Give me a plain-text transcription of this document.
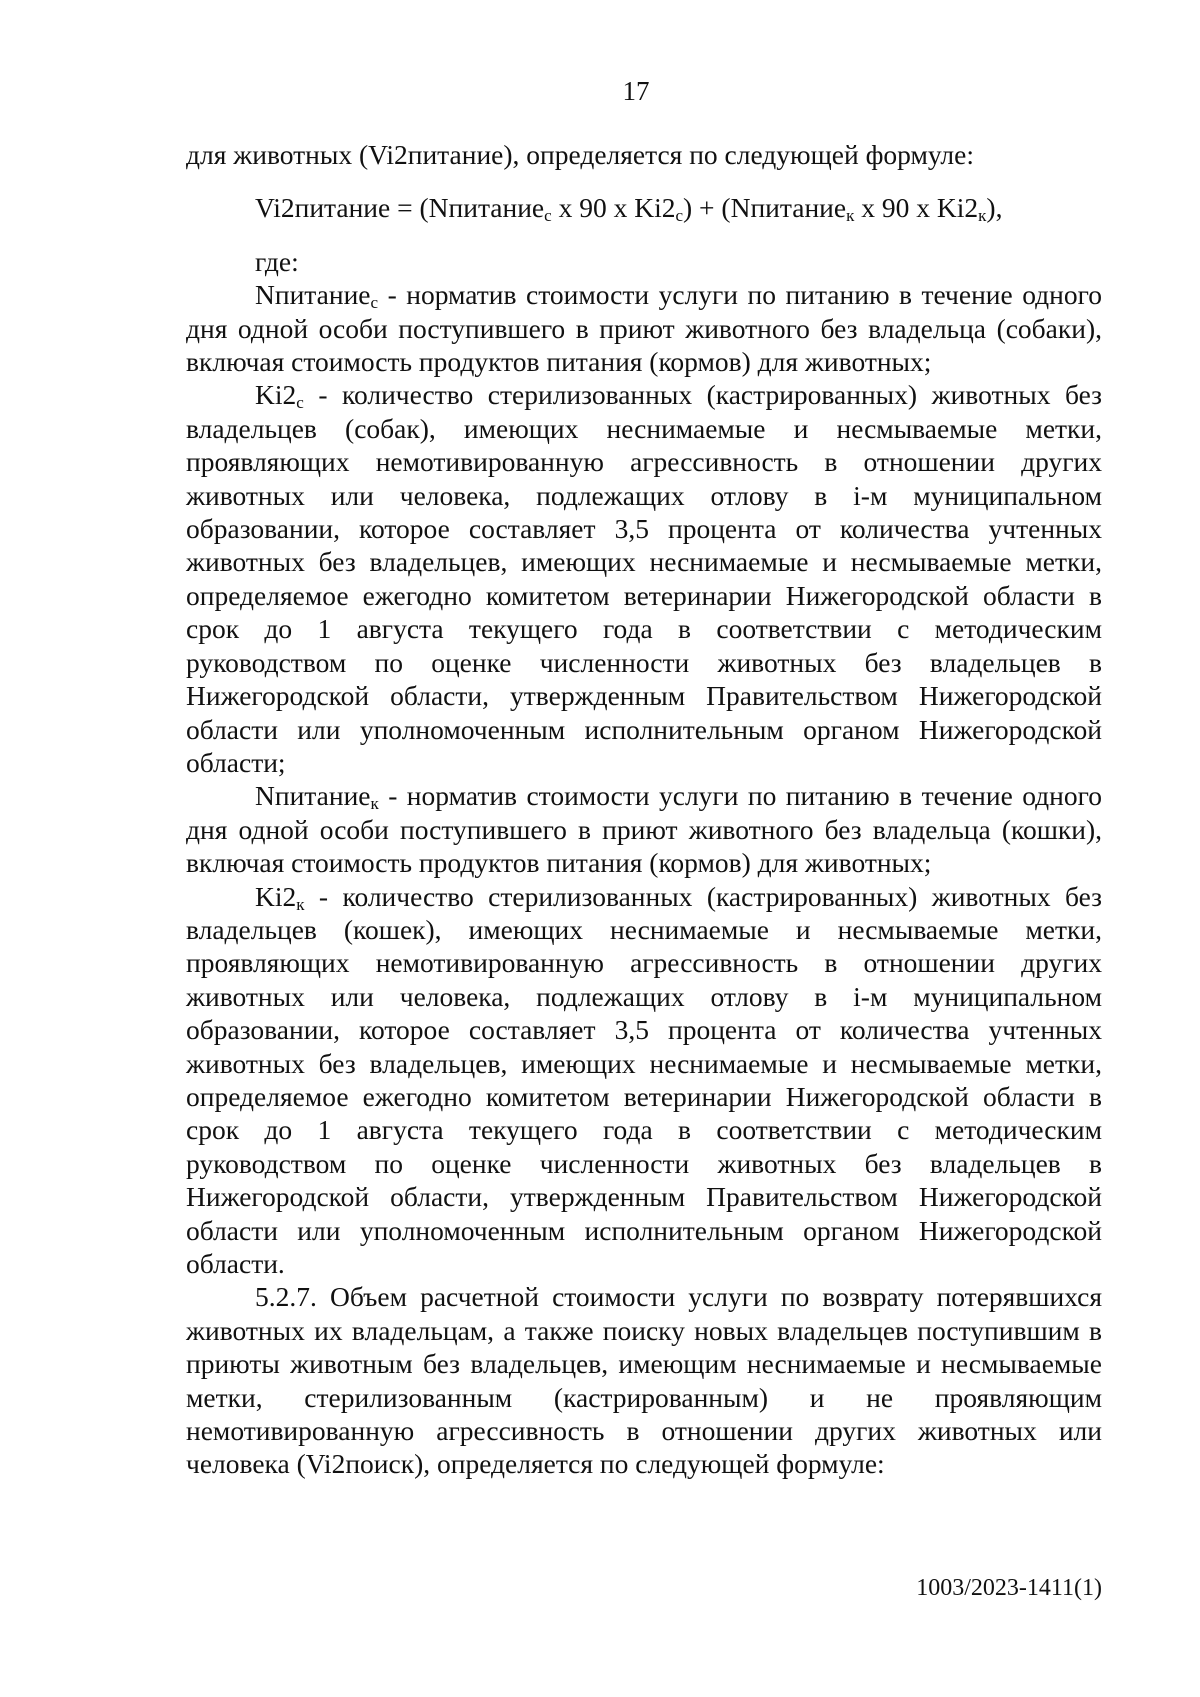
17

для животных (Vi2питание), определяется по следующей формуле:

Vi2питание = (Nпитание$_с$ x 90 x $Ki2_с$) + (Nпитание$_к$ x 90 x $Ki2_к$),

где:

Nпитание$_с$ - норматив стоимости услуги по питанию в течение одного дня одной особи поступившего в приют животного без владельца (собаки), включая стоимость продуктов питания (кормов) для животных;

$Ki2_с$ - количество стерилизованных (кастрированных) животных без владельцев (собак), имеющих неснимаемые и несмываемые метки, проявляющих немотивированную агрессивность в отношении других животных или человека, подлежащих отлову в i-м муниципальном образовании, которое составляет 3,5 процента от количества учтенных животных без владельцев, имеющих неснимаемые и несмываемые метки, определяемое ежегодно комитетом ветеринарии Нижегородской области в срок до 1 августа текущего года в соответствии с методическим руководством по оценке численности животных без владельцев в Нижегородской области, утвержденным Правительством Нижегородской области или уполномоченным исполнительным органом Нижегородской области;

Nпитание$_к$ - норматив стоимости услуги по питанию в течение одного дня одной особи поступившего в приют животного без владельца (кошки), включая стоимость продуктов питания (кормов) для животных;

$Ki2_к$ - количество стерилизованных (кастрированных) животных без владельцев (кошек), имеющих неснимаемые и несмываемые метки, проявляющих немотивированную агрессивность в отношении других животных или человека, подлежащих отлову в i-м муниципальном образовании, которое составляет 3,5 процента от количества учтенных животных без владельцев, имеющих неснимаемые и несмываемые метки, определяемое ежегодно комитетом ветеринарии Нижегородской области в срок до 1 августа текущего года в соответствии с методическим руководством по оценке численности животных без владельцев в Нижегородской области, утвержденным Правительством Нижегородской области или уполномоченным исполнительным органом Нижегородской области.

5.2.7. Объем расчетной стоимости услуги по возврату потерявшихся животных их владельцам, а также поиску новых владельцев поступившим в приюты животным без владельцев, имеющим неснимаемые и несмываемые метки, стерилизованным (кастрированным) и не проявляющим немотивированную агрессивность в отношении других животных или человека (Vi2поиск), определяется по следующей формуле:

1003/2023-1411(1)
